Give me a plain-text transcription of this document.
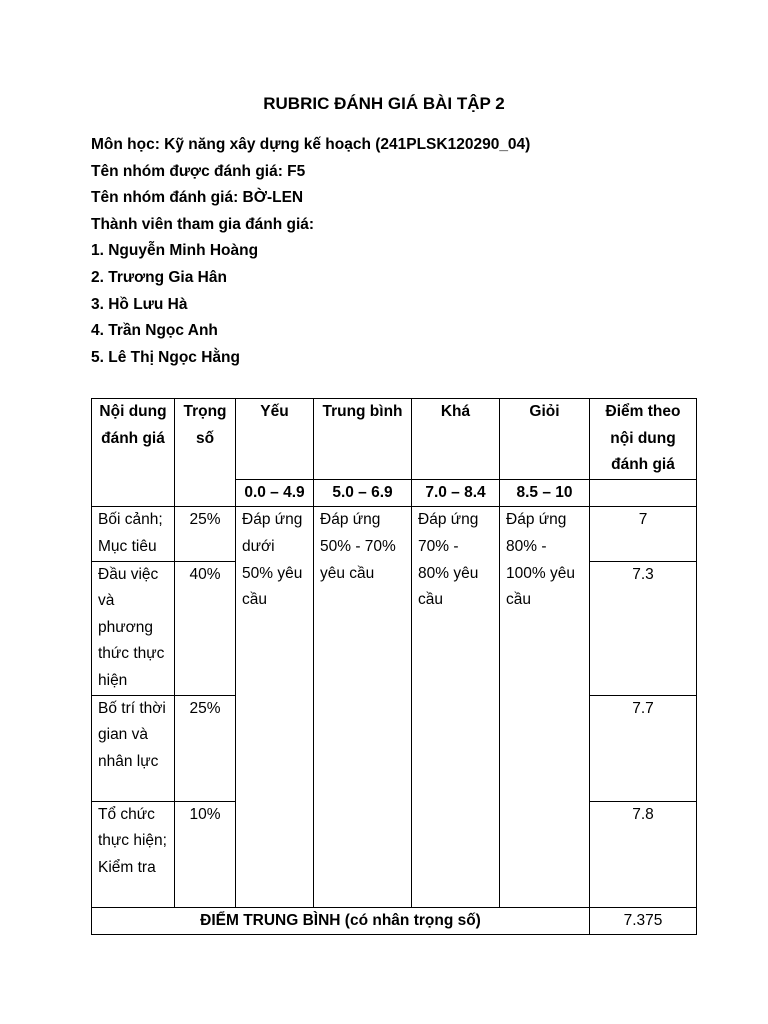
RUBRIC ĐÁNH GIÁ BÀI TẬP 2
Môn học: Kỹ năng xây dựng kế hoạch (241PLSK120290_04)
Tên nhóm được đánh giá: F5
Tên nhóm đánh giá: BỜ-LEN
Thành viên tham gia đánh giá:
1. Nguyễn Minh Hoàng
2. Trương Gia Hân
3. Hồ Lưu Hà
4. Trần Ngọc Anh
5. Lê Thị Ngọc Hằng
Nội dung đánh giá	Trọng số	Yếu	Trung bình	Khá	Giỏi	Điểm theo nội dung đánh giá
		0.0 – 4.9	5.0 – 6.9	7.0 – 8.4	8.5 – 10	
Bối cảnh; Mục tiêu	25%	Đáp ứng dưới 50% yêu cầu	Đáp ứng 50% - 70% yêu cầu	Đáp ứng 70% - 80% yêu cầu	Đáp ứng 80% - 100% yêu cầu	7
Đầu việc và phương thức thực hiện	40%					7.3
Bố trí thời gian và nhân lực	25%					7.7
Tổ chức thực hiện; Kiểm tra	10%					7.8
ĐIỂM TRUNG BÌNH (có nhân trọng số)						7.375
